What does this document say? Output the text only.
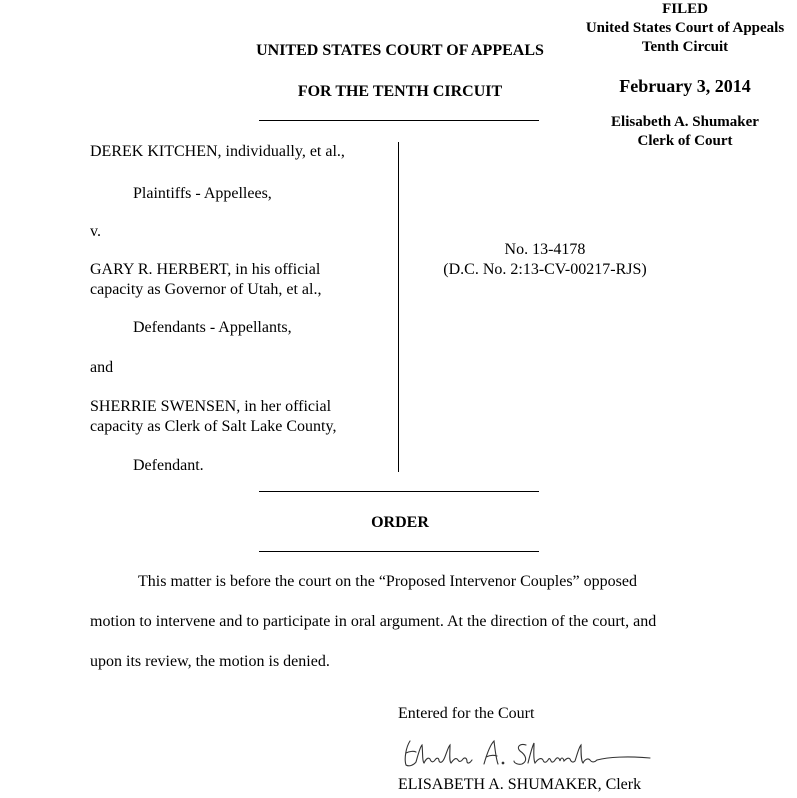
FILED
United States Court of Appeals
Tenth Circuit
February 3, 2014
Elisabeth A. Shumaker
Clerk of Court
UNITED STATES COURT OF APPEALS
FOR THE TENTH CIRCUIT
DEREK KITCHEN, individually, et al.,
Plaintiffs - Appellees,
v.
GARY R. HERBERT, in his official
capacity as Governor of Utah, et al.,
Defendants - Appellants,
and
SHERRIE SWENSEN, in her official
capacity as Clerk of Salt Lake County,
Defendant.
No. 13-4178
(D.C. No. 2:13-CV-00217-RJS)
ORDER
This matter is before the court on the “Proposed Intervenor Couples” opposed
motion to intervene and to participate in oral argument. At the direction of the court, and
upon its review, the motion is denied.
Entered for the Court
ELISABETH A. SHUMAKER, Clerk
